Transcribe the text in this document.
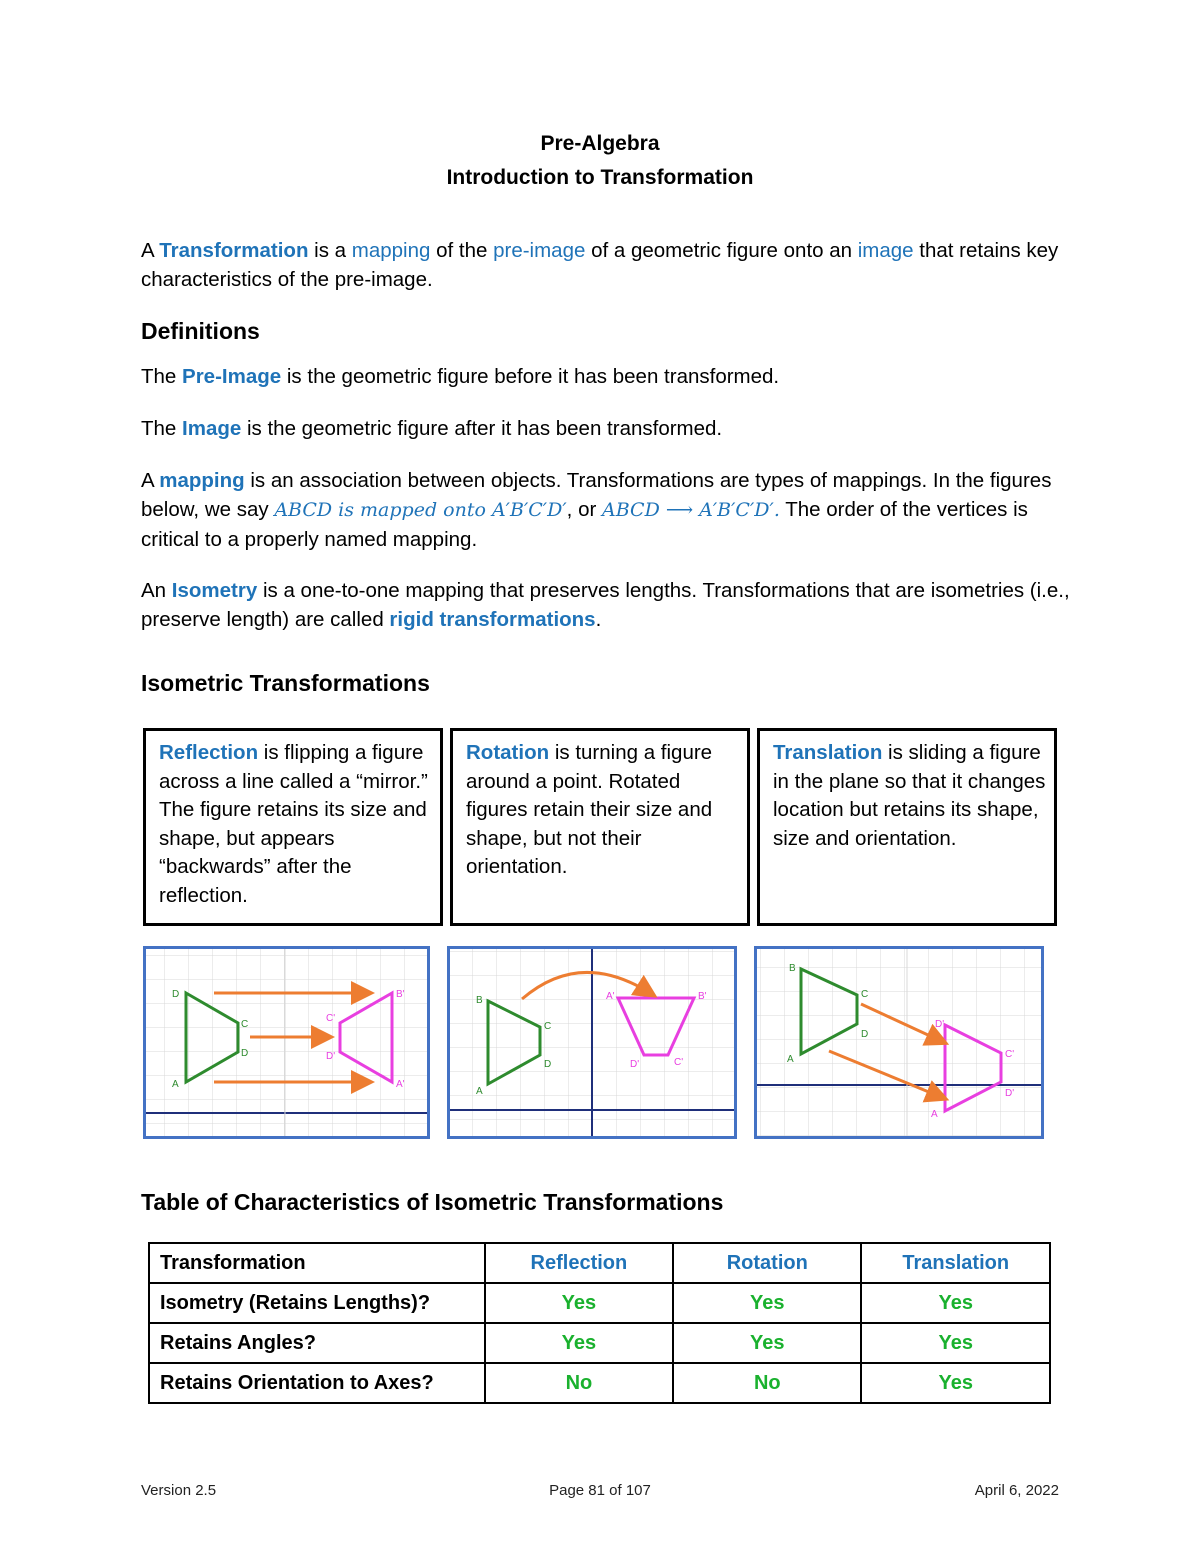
Pre-Algebra
Introduction to Transformation
A Transformation is a mapping of the pre-image of a geometric figure onto an image that retains key characteristics of the pre-image.
Definitions
The Pre-Image is the geometric figure before it has been transformed.
The Image is the geometric figure after it has been transformed.
A mapping is an association between objects. Transformations are types of mappings. In the figures below, we say ABCD is mapped onto A′B′C′D′, or ABCD ⟶ A′B′C′D′. The order of the vertices is critical to a properly named mapping.
An Isometry is a one-to-one mapping that preserves lengths. Transformations that are isometries (i.e., preserve length) are called rigid transformations.
Isometric Transformations
Reflection is flipping a figure across a line called a “mirror.” The figure retains its size and shape, but appears “backwards” after the reflection.
Rotation is turning a figure around a point. Rotated figures retain their size and shape, but not their orientation.
Translation is sliding a figure in the plane so that it changes location but retains its shape, size and orientation.
D
C
D
A
B'
C'
D'
A'
B
C
D
A
A'	B'
C'
D'
B
C
D
A
D'
C'
D'
A
Table of Characteristics of Isometric Transformations
Transformation	Reflection	Rotation	Translation
Isometry (Retains Lengths)?	Yes	Yes	Yes
Retains Angles?	Yes	Yes	Yes
Retains Orientation to Axes?	No	No	Yes
Version 2.5	Page 81 of 107	April 6, 2022
